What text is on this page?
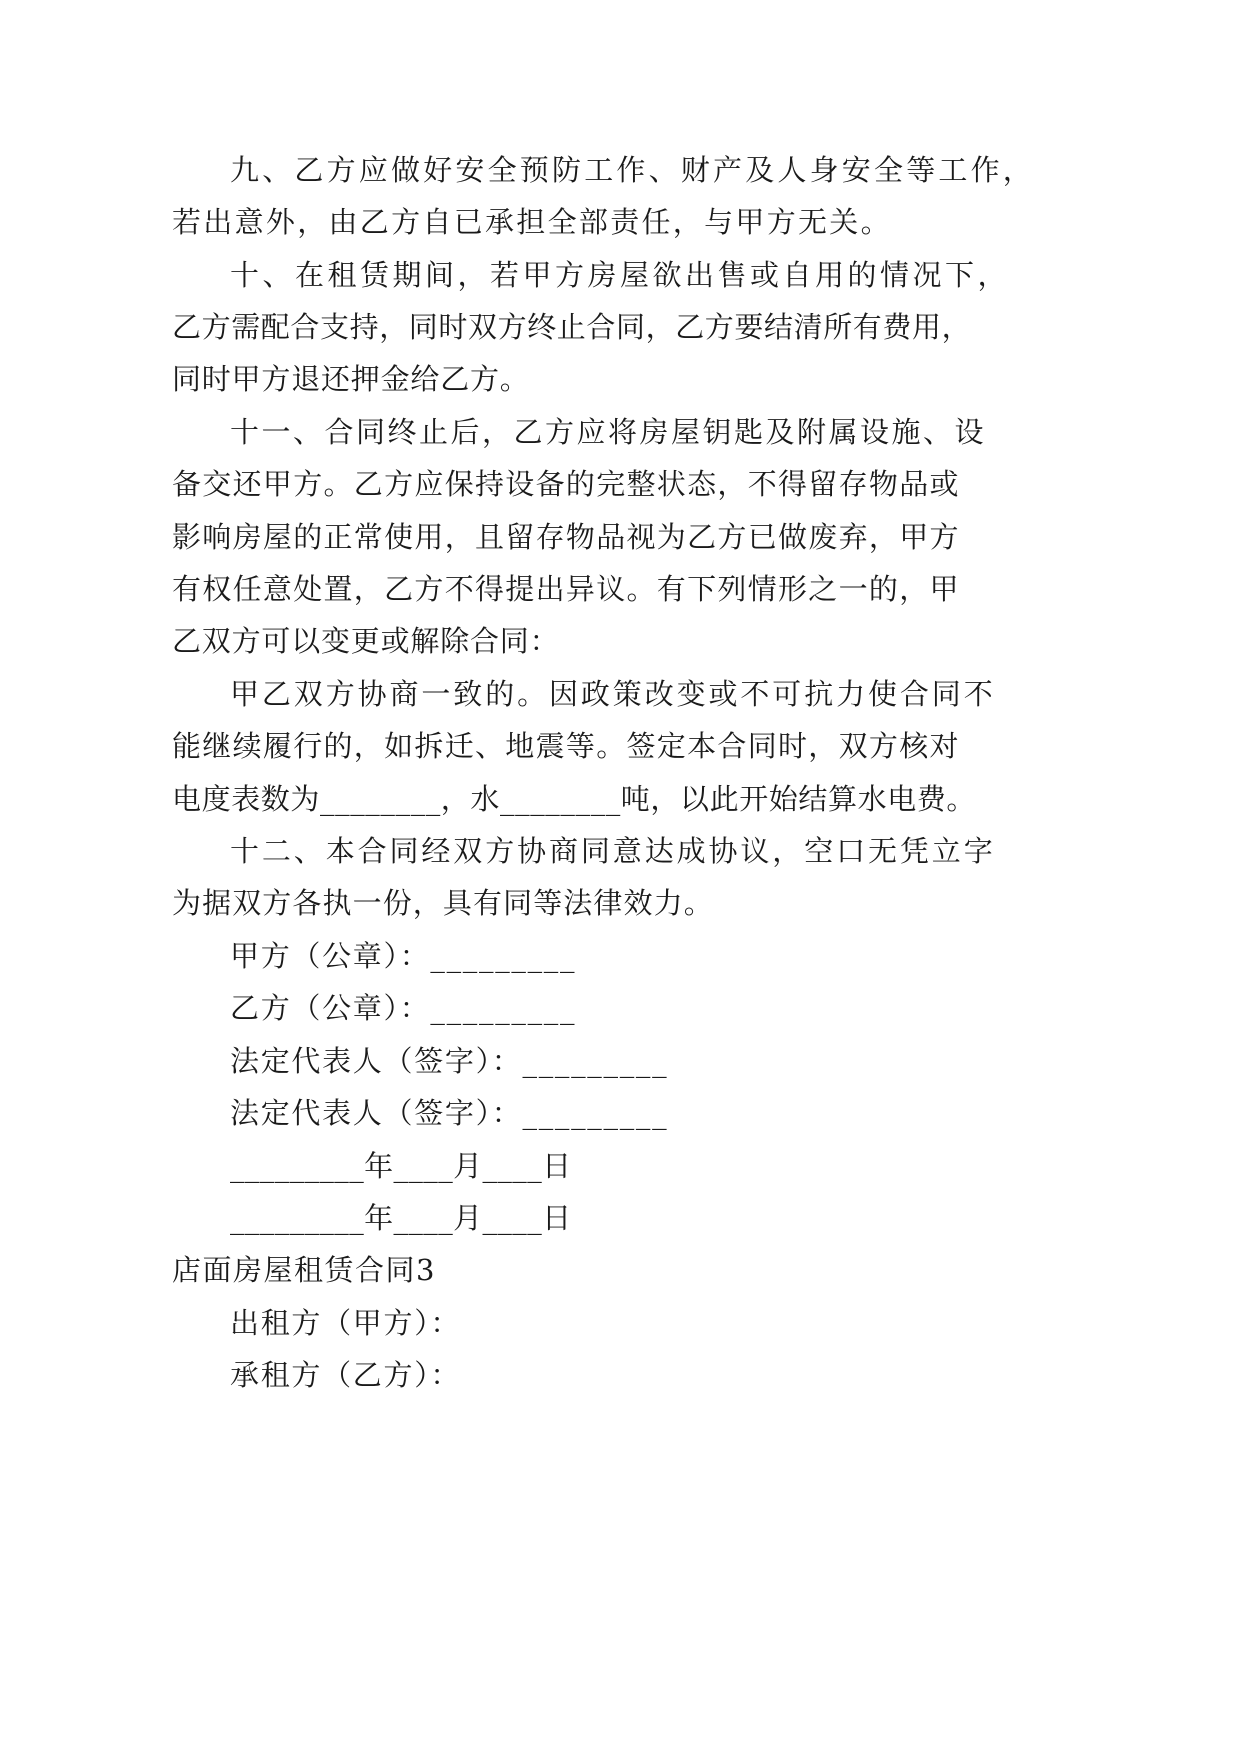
九、乙方应做好安全预防工作、财产及人身安全等工作，
若出意外，由乙方自已承担全部责任，与甲方无关。
十、在租赁期间，若甲方房屋欲出售或自用的情况下，
乙方需配合支持，同时双方终止合同，乙方要结清所有费用，
同时甲方退还押金给乙方。
十一、合同终止后，乙方应将房屋钥匙及附属设施、设
备交还甲方。乙方应保持设备的完整状态，不得留存物品或
影响房屋的正常使用，且留存物品视为乙方已做废弃，甲方
有权任意处置，乙方不得提出异议。有下列情形之一的，甲
乙双方可以变更或解除合同：
甲乙双方协商一致的。因政策改变或不可抗力使合同不
能继续履行的，如拆迁、地震等。签定本合同时，双方核对
电度表数为________，水________吨，以此开始结算水电费。
十二、本合同经双方协商同意达成协议，空口无凭立字
为据双方各执一份，具有同等法律效力。
甲方（公章）：_________
乙方（公章）：_________
法定代表人（签字）：_________
法定代表人（签字）：_________
_________年____月____日
_________年____月____日
店面房屋租赁合同3
出租方（甲方）：
承租方（乙方）：
